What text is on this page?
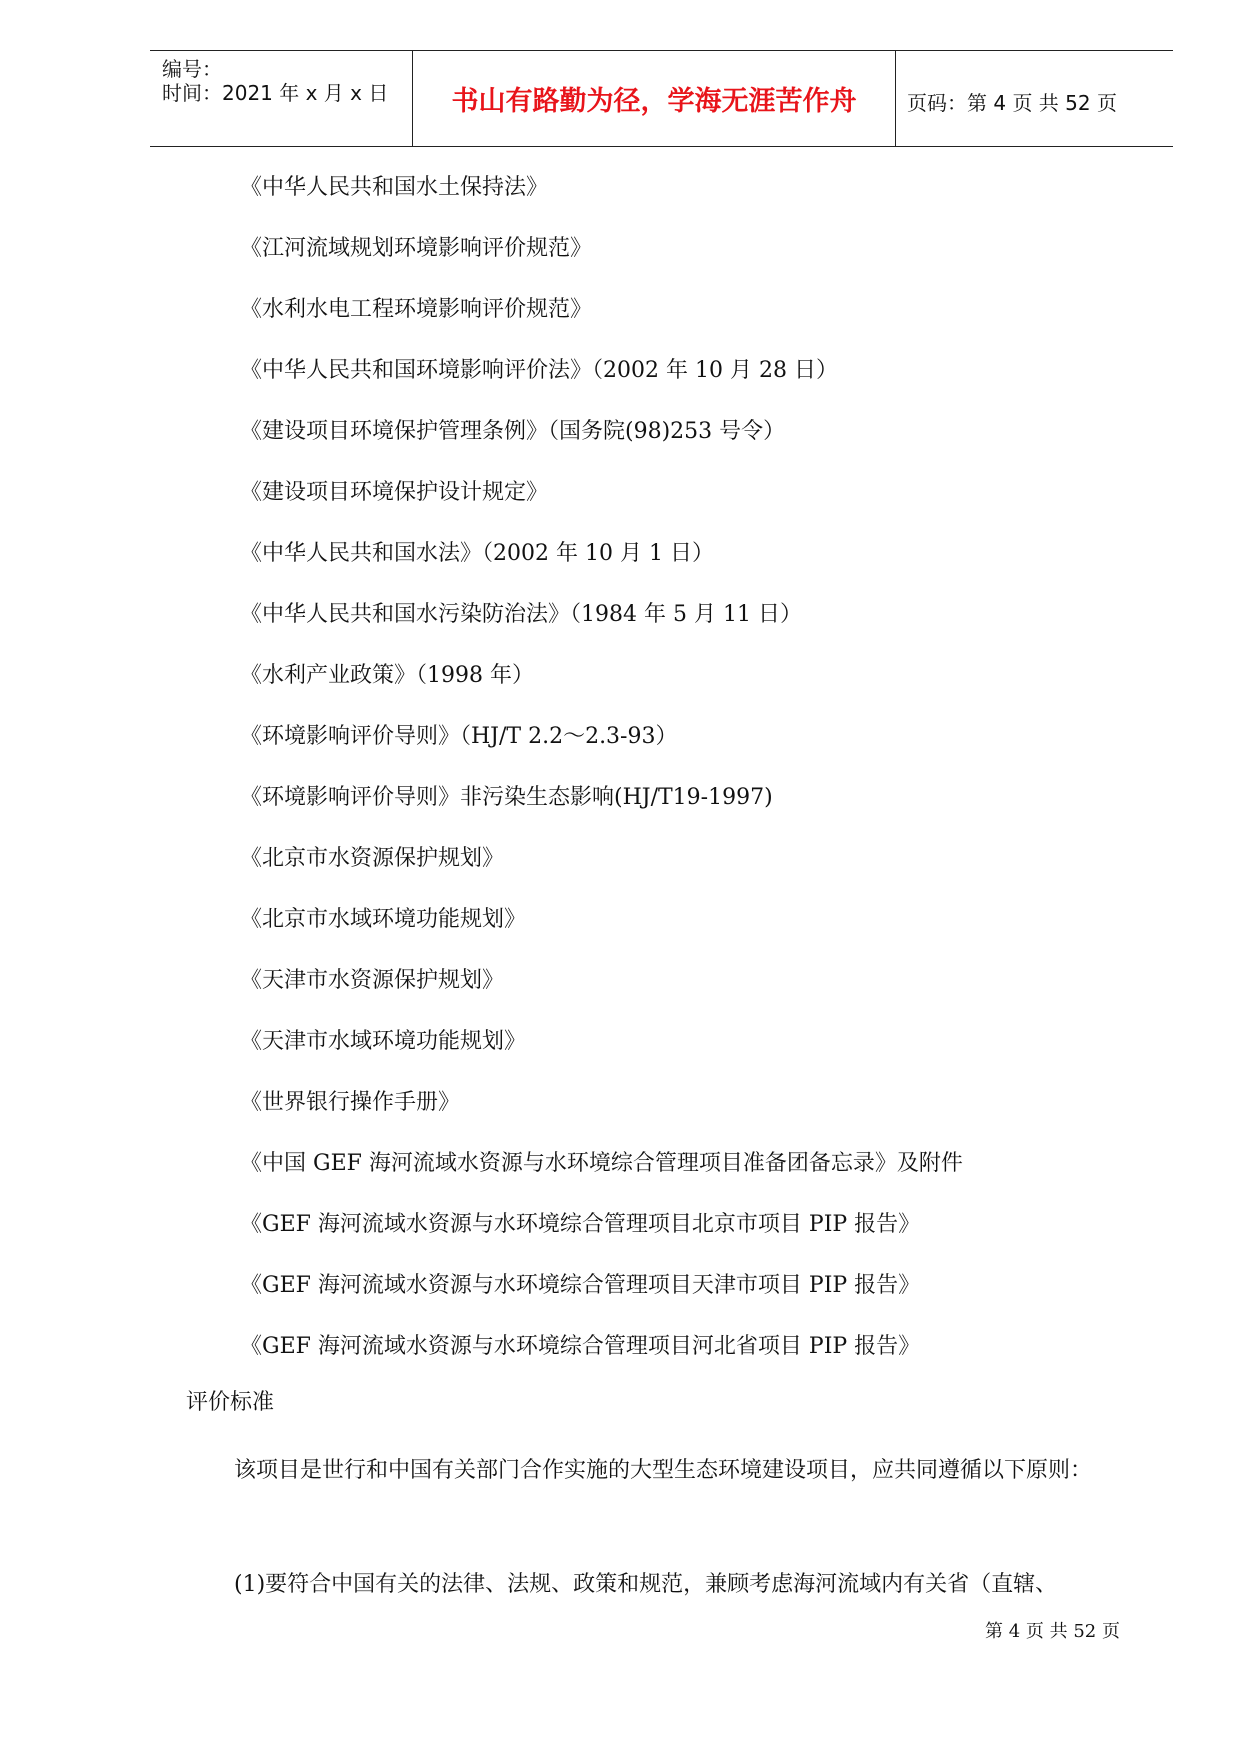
编号：
时间：2021 年 x 月 x 日	书山有路勤为径，学海无涯苦作舟	页码：第 4 页 共 52 页
《中华人民共和国水土保持法》
《江河流域规划环境影响评价规范》
《水利水电工程环境影响评价规范》
《中华人民共和国环境影响评价法》（2002 年 10 月 28 日）
《建设项目环境保护管理条例》（国务院(98)253 号令）
《建设项目环境保护设计规定》
《中华人民共和国水法》（2002 年 10 月 1 日）
《中华人民共和国水污染防治法》（1984 年 5 月 11 日）
《水利产业政策》（1998 年）
《环境影响评价导则》（HJ/T 2.2～2.3-93）
《环境影响评价导则》非污染生态影响(HJ/T19-1997)
《北京市水资源保护规划》
《北京市水域环境功能规划》
《天津市水资源保护规划》
《天津市水域环境功能规划》
《世界银行操作手册》
《中国 GEF 海河流域水资源与水环境综合管理项目准备团备忘录》及附件
《GEF 海河流域水资源与水环境综合管理项目北京市项目 PIP 报告》
《GEF 海河流域水资源与水环境综合管理项目天津市项目 PIP 报告》
《GEF 海河流域水资源与水环境综合管理项目河北省项目 PIP 报告》
评价标准

该项目是世行和中国有关部门合作实施的大型生态环境建设项目，应共同遵循以下原则：

(1)要符合中国有关的法律、法规、政策和规范，兼顾考虑海河流域内有关省（直辖、

第 4 页 共 52 页
